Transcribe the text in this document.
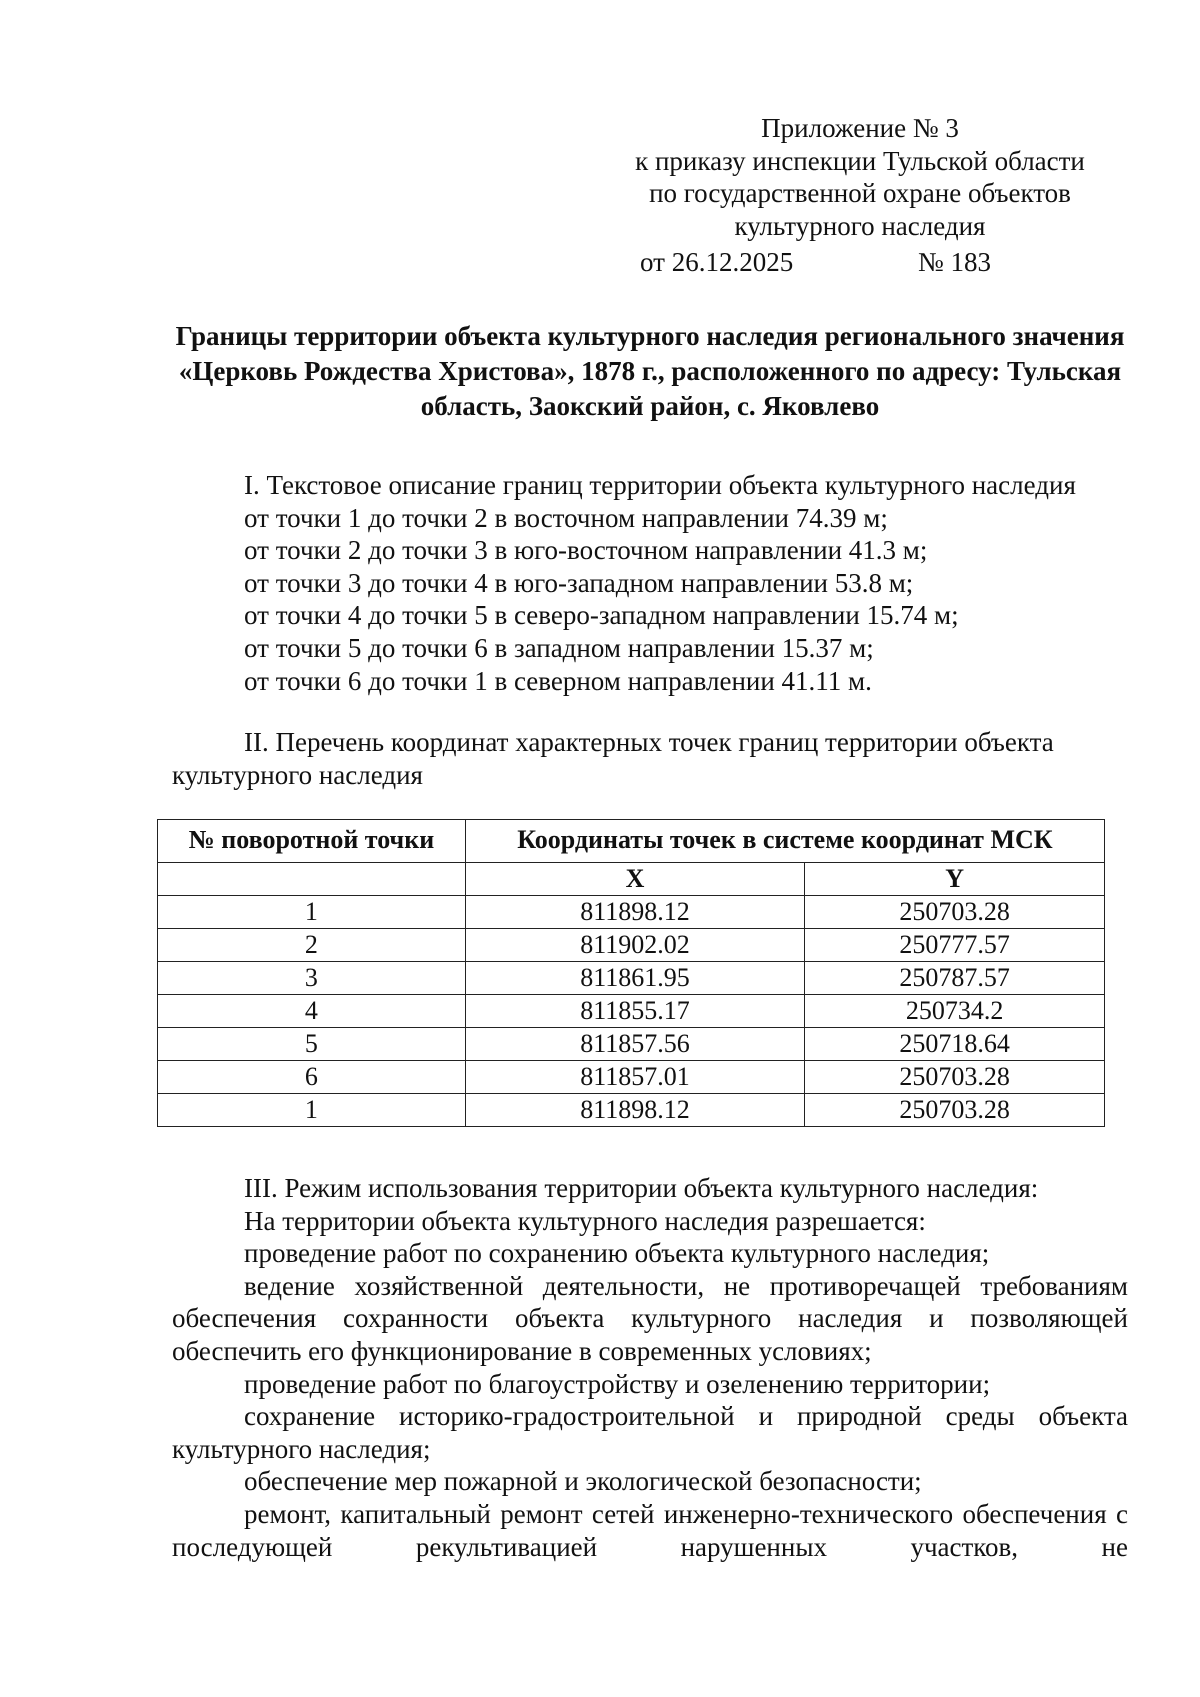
Приложение № 3
к приказу инспекции Тульской области
по государственной охране объектов
культурного наследия
от 26.12.2025	№ 183
Границы территории объекта культурного наследия регионального значения «Церковь Рождества Христова», 1878 г., расположенного по адресу: Тульская область, Заокский район, с. Яковлево

I. Текстовое описание границ территории объекта культурного наследия

от точки 1 до точки 2 в восточном направлении 74.39 м;

от точки 2 до точки 3 в юго-восточном направлении 41.3 м;

от точки 3 до точки 4 в юго-западном направлении 53.8 м;

от точки 4 до точки 5 в северо-западном направлении 15.74 м;

от точки 5 до точки 6 в западном направлении 15.37 м;

от точки 6 до точки 1 в северном направлении 41.11 м.

II. Перечень координат характерных точек границ территории объекта культурного наследия

№ поворотной точки	Координаты точек в системе координат МСК	
	X	Y
1	811898.12	250703.28
2	811902.02	250777.57
3	811861.95	250787.57
4	811855.17	250734.2
5	811857.56	250718.64
6	811857.01	250703.28
1	811898.12	250703.28

III. Режим использования территории объекта культурного наследия:

На территории объекта культурного наследия разрешается:

проведение работ по сохранению объекта культурного наследия;

ведение хозяйственной деятельности, не противоречащей требованиям обеспечения сохранности объекта культурного наследия и позволяющей обеспечить его функционирование в современных условиях;

проведение работ по благоустройству и озеленению территории;

сохранение историко-градостроительной и природной среды объекта культурного наследия;

обеспечение мер пожарной и экологической безопасности;

ремонт, капитальный ремонт сетей инженерно-технического обеспечения с последующей рекультивацией нарушенных участков, не
